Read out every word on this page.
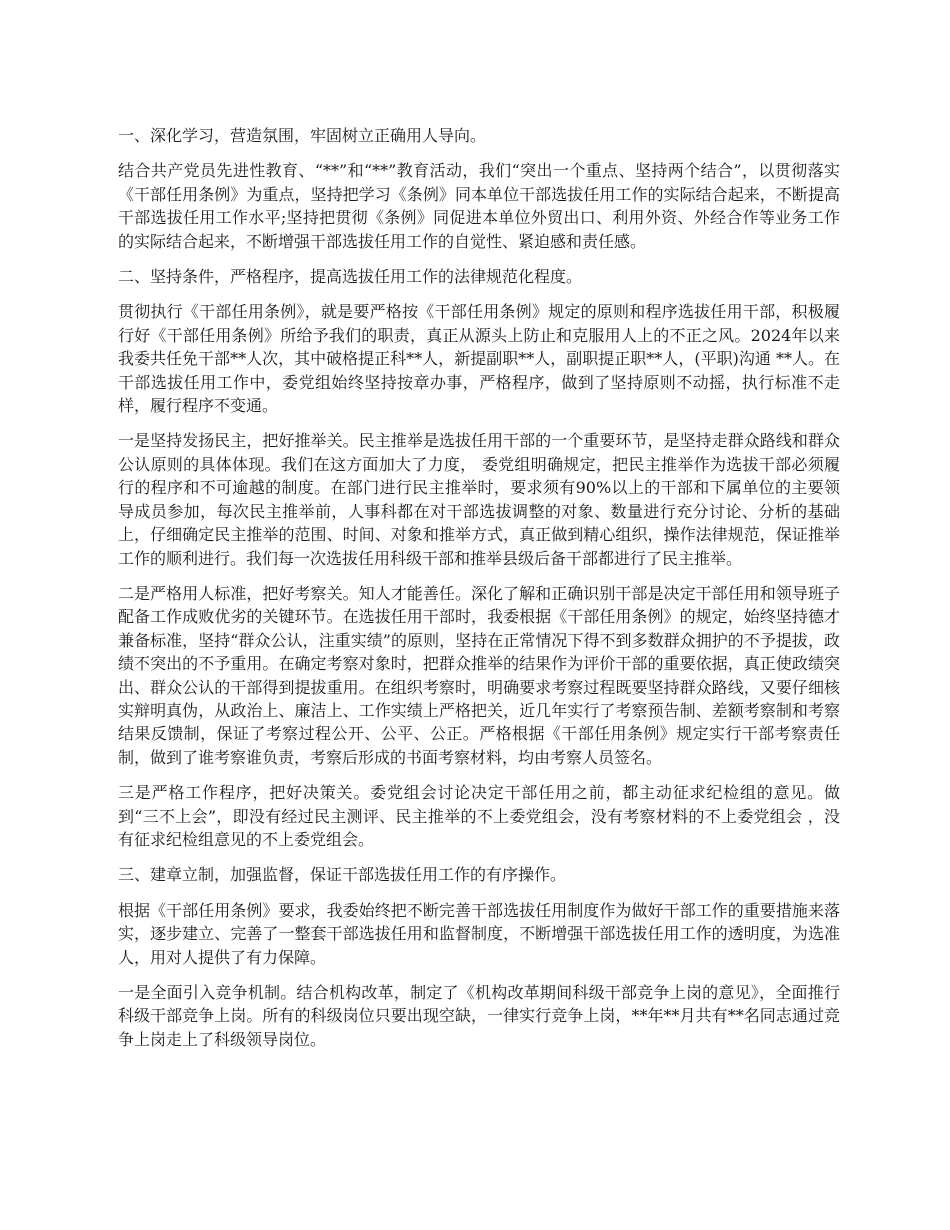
一、深化学习，营造氛围，牢固树立正确用人导向。

结合共产党员先进性教育、“**”和“**”教育活动，我们“突出一个重点、坚持两个结合”，以贯彻落实《干部任用条例》为重点，坚持把学习《条例》同本单位干部选拔任用工作的实际结合起来，不断提高干部选拔任用工作水平;坚持把贯彻《条例》同促进本单位外贸出口、利用外资、外经合作等业务工作的实际结合起来，不断增强干部选拔任用工作的自觉性、紧迫感和责任感。

二、坚持条件，严格程序，提高选拔任用工作的法律规范化程度。

贯彻执行《干部任用条例》，就是要严格按《干部任用条例》规定的原则和程序选拔任用干部，积极履行好《干部任用条例》所给予我们的职责，真正从源头上防止和克服用人上的不正之风。2024年以来我委共任免干部**人次，其中破格提正科**人，新提副职**人，副职提正职**人，(平职)沟通 **人。在干部选拔任用工作中，委党组始终坚持按章办事，严格程序，做到了坚持原则不动摇，执行标准不走样，履行程序不变通。

一是坚持发扬民主，把好推举关。民主推举是选拔任用干部的一个重要环节，是坚持走群众路线和群众公认原则的具体体现。我们在这方面加大了力度， 委党组明确规定，把民主推举作为选拔干部必须履行的程序和不可逾越的制度。在部门进行民主推举时，要求须有90%以上的干部和下属单位的主要领导成员参加，每次民主推举前，人事科都在对干部选拔调整的对象、数量进行充分讨论、分析的基础上，仔细确定民主推举的范围、时间、对象和推举方式，真正做到精心组织，操作法律规范，保证推举工作的顺利进行。我们每一次选拔任用科级干部和推举县级后备干部都进行了民主推举。

二是严格用人标准，把好考察关。知人才能善任。深化了解和正确识别干部是决定干部任用和领导班子配备工作成败优劣的关键环节。在选拔任用干部时，我委根据《干部任用条例》的规定，始终坚持德才兼备标准，坚持“群众公认，注重实绩”的原则，坚持在正常情况下得不到多数群众拥护的不予提拔，政绩不突出的不予重用。在确定考察对象时，把群众推举的结果作为评价干部的重要依据，真正使政绩突出、群众公认的干部得到提拔重用。在组织考察时，明确要求考察过程既要坚持群众路线，又要仔细核实辩明真伪，从政治上、廉洁上、工作实绩上严格把关，近几年实行了考察预告制、差额考察制和考察结果反馈制，保证了考察过程公开、公平、公正。严格根据《干部任用条例》规定实行干部考察责任制，做到了谁考察谁负责，考察后形成的书面考察材料，均由考察人员签名。

三是严格工作程序，把好决策关。委党组会讨论决定干部任用之前，都主动征求纪检组的意见。做到“三不上会”，即没有经过民主测评、民主推举的不上委党组会，没有考察材料的不上委党组会 ，没有征求纪检组意见的不上委党组会。

三、建章立制，加强监督，保证干部选拔任用工作的有序操作。

根据《干部任用条例》要求，我委始终把不断完善干部选拔任用制度作为做好干部工作的重要措施来落实，逐步建立、完善了一整套干部选拔任用和监督制度，不断增强干部选拔任用工作的透明度，为选准人，用对人提供了有力保障。

一是全面引入竞争机制。结合机构改革，制定了《机构改革期间科级干部竞争上岗的意见》，全面推行科级干部竞争上岗。所有的科级岗位只要出现空缺，一律实行竞争上岗，**年**月共有**名同志通过竞争上岗走上了科级领导岗位。
